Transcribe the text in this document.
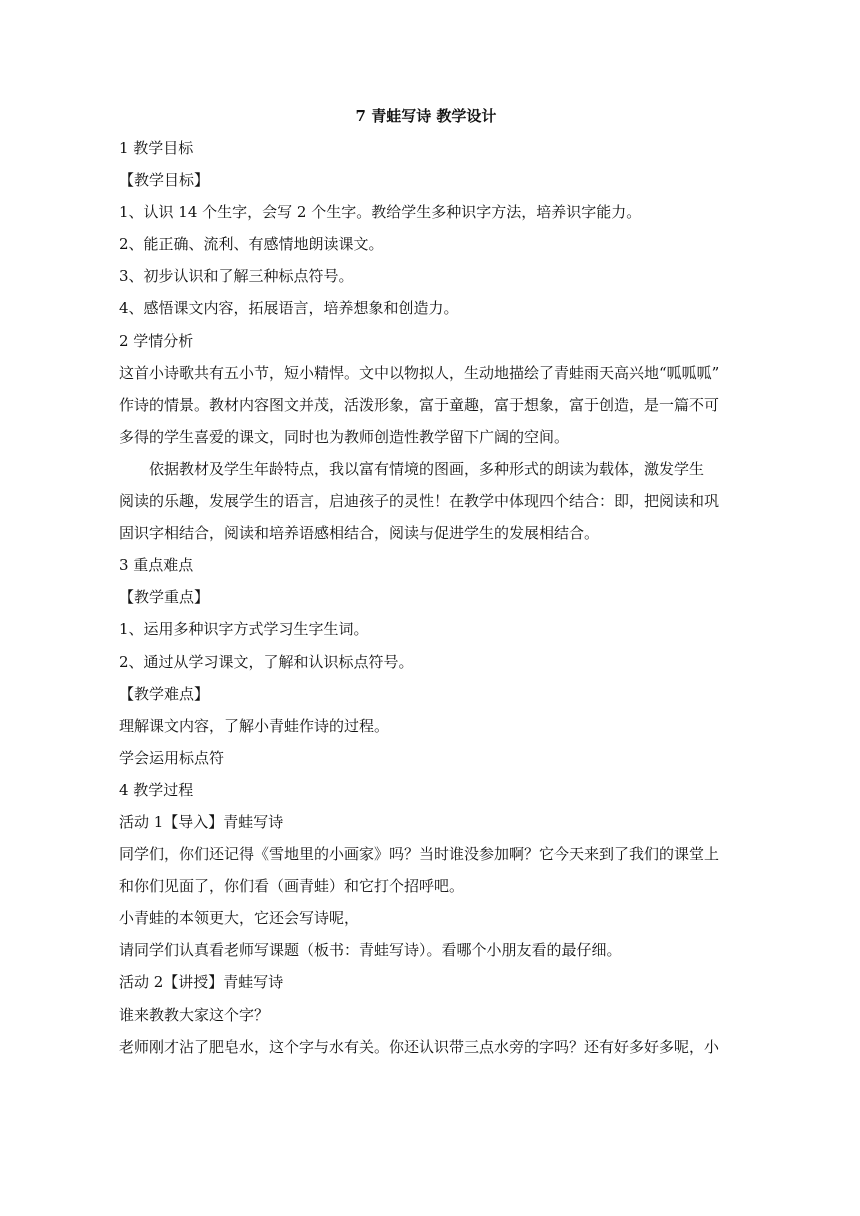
7 青蛙写诗 教学设计
1 教学目标
【教学目标】
1、认识 14 个生字，会写 2 个生字。教给学生多种识字方法，培养识字能力。
2、能正确、流利、有感情地朗读课文。
3、初步认识和了解三种标点符号。
4、感悟课文内容，拓展语言，培养想象和创造力。
2 学情分析
这首小诗歌共有五小节，短小精悍。文中以物拟人，生动地描绘了青蛙雨天高兴地“呱呱呱”
作诗的情景。教材内容图文并茂，活泼形象，富于童趣，富于想象，富于创造，是一篇不可
多得的学生喜爱的课文，同时也为教师创造性教学留下广阔的空间。
依据教材及学生年龄特点，我以富有情境的图画，多种形式的朗读为载体，激发学生
阅读的乐趣，发展学生的语言，启迪孩子的灵性！在教学中体现四个结合：即，把阅读和巩
固识字相结合，阅读和培养语感相结合，阅读与促进学生的发展相结合。
3 重点难点
【教学重点】
1、运用多种识字方式学习生字生词。
2、通过从学习课文，了解和认识标点符号。
【教学难点】
理解课文内容，了解小青蛙作诗的过程。
学会运用标点符
4 教学过程
活动 1【导入】青蛙写诗
同学们，你们还记得《雪地里的小画家》吗？当时谁没参加啊？它今天来到了我们的课堂上
和你们见面了，你们看（画青蛙）和它打个招呼吧。
小青蛙的本领更大，它还会写诗呢，
请同学们认真看老师写课题（板书：青蛙写诗）。看哪个小朋友看的最仔细。
活动 2【讲授】青蛙写诗
谁来教教大家这个字？
老师刚才沾了肥皂水，这个字与水有关。你还认识带三点水旁的字吗？还有好多好多呢，小
